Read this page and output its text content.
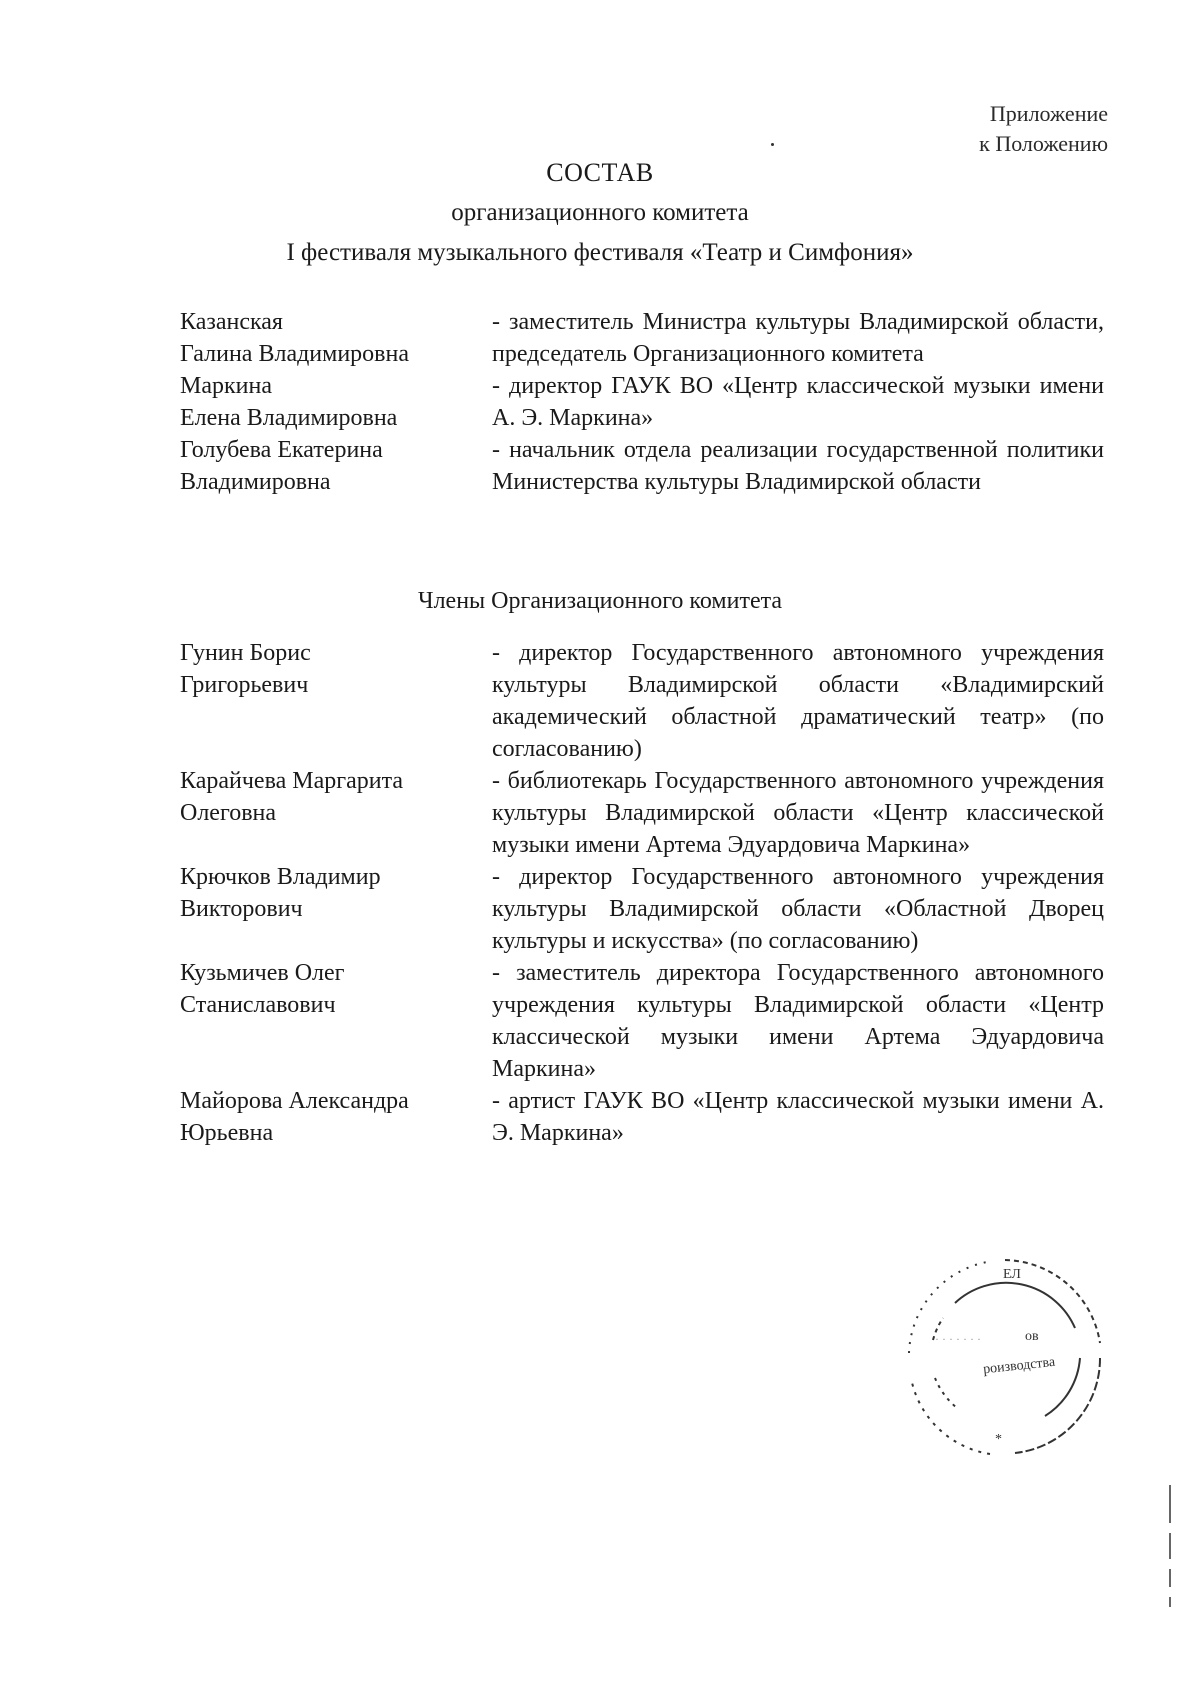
Приложение
к Положению
СОСТАВ
организационного комитета
I фестиваля музыкального фестиваля «Театр и Симфония»
Казанская
Галина Владимировна
- заместитель Министра культуры Владимирской области, председатель Организационного комитета
Маркина
Елена Владимировна
- директор ГАУК ВО «Центр классической музыки имени А. Э. Маркина»
Голубева Екатерина
Владимировна
- начальник отдела реализации государственной политики Министерства культуры Владимирской области
Члены Организационного комитета
Гунин Борис
Григорьевич
- директор Государственного автономного учреждения культуры Владимирской области «Владимирский академический областной драматический театр» (по согласованию)
Карайчева Маргарита
Олеговна
- библиотекарь Государственного автономного учреждения культуры Владимирской области «Центр классической музыки имени Артема Эдуардовича Маркина»
Крючков Владимир
Викторович
- директор Государственного автономного учреждения культуры Владимирской области «Областной Дворец культуры и искусства» (по согласованию)
Кузьмичев Олег
Станиславович
- заместитель директора Государственного автономного учреждения культуры Владимирской области «Центр классической музыки имени Артема Эдуардовича Маркина»
Майорова Александра
Юрьевна
- артист ГАУК ВО «Центр классической музыки имени А. Э. Маркина»
ЕЛ
ов
роизводства
· · · · · · ·
*
